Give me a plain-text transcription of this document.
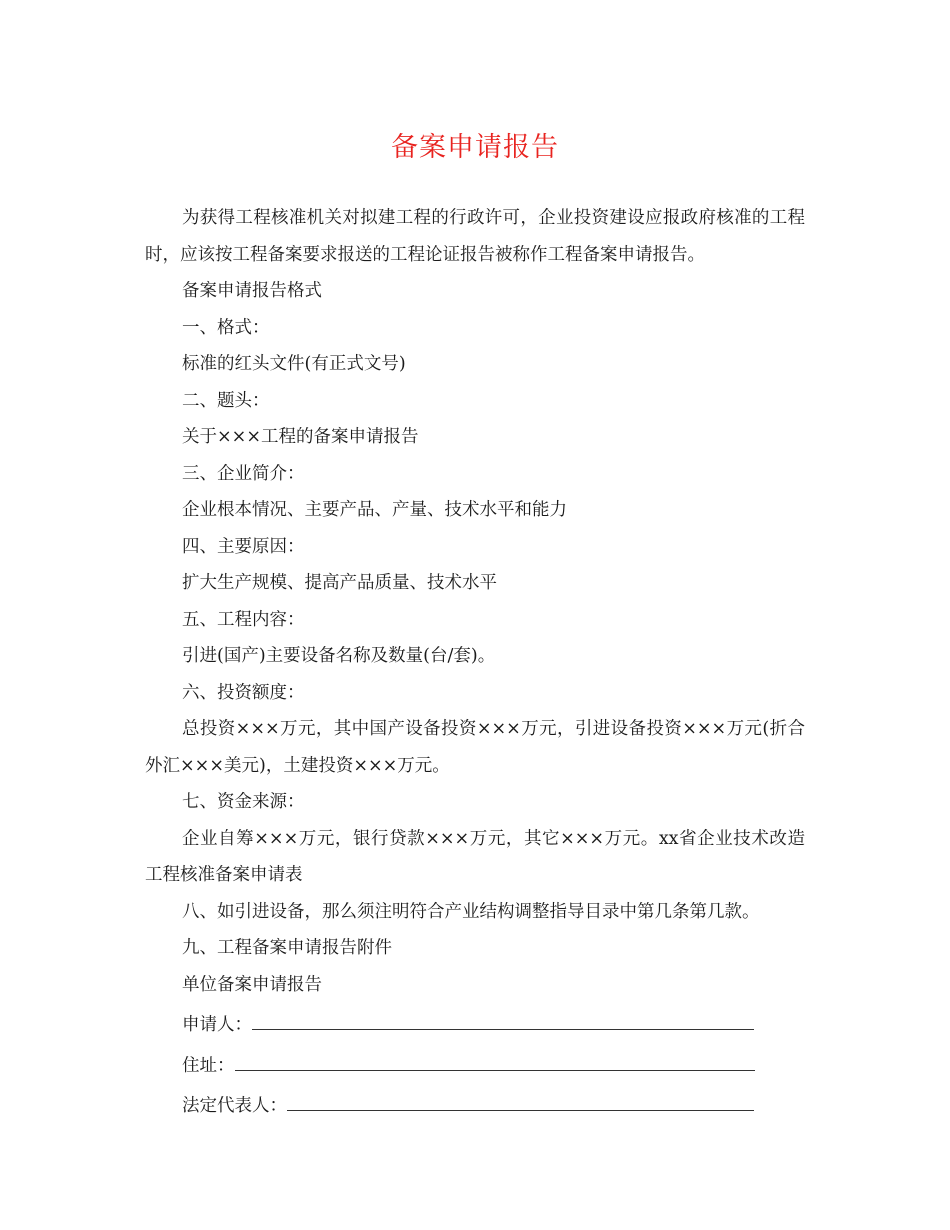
备案申请报告

为获得工程核准机关对拟建工程的行政许可，企业投资建设应报政府核准的工程时，应该按工程备案要求报送的工程论证报告被称作工程备案申请报告。

备案申请报告格式

一、格式：

标准的红头文件(有正式文号)

二、题头：

关于×××工程的备案申请报告

三、企业简介：

企业根本情况、主要产品、产量、技术水平和能力

四、主要原因：

扩大生产规模、提高产品质量、技术水平

五、工程内容：

引进(国产)主要设备名称及数量(台/套)。

六、投资额度：

总投资×××万元，其中国产设备投资×××万元，引进设备投资×××万元(折合外汇×××美元)，土建投资×××万元。

七、资金来源：

企业自筹×××万元，银行贷款×××万元，其它×××万元。xx省企业技术改造工程核准备案申请表

八、如引进设备，那么须注明符合产业结构调整指导目录中第几条第几款。

九、工程备案申请报告附件

单位备案申请报告

申请人：
住址：
法定代表人：
